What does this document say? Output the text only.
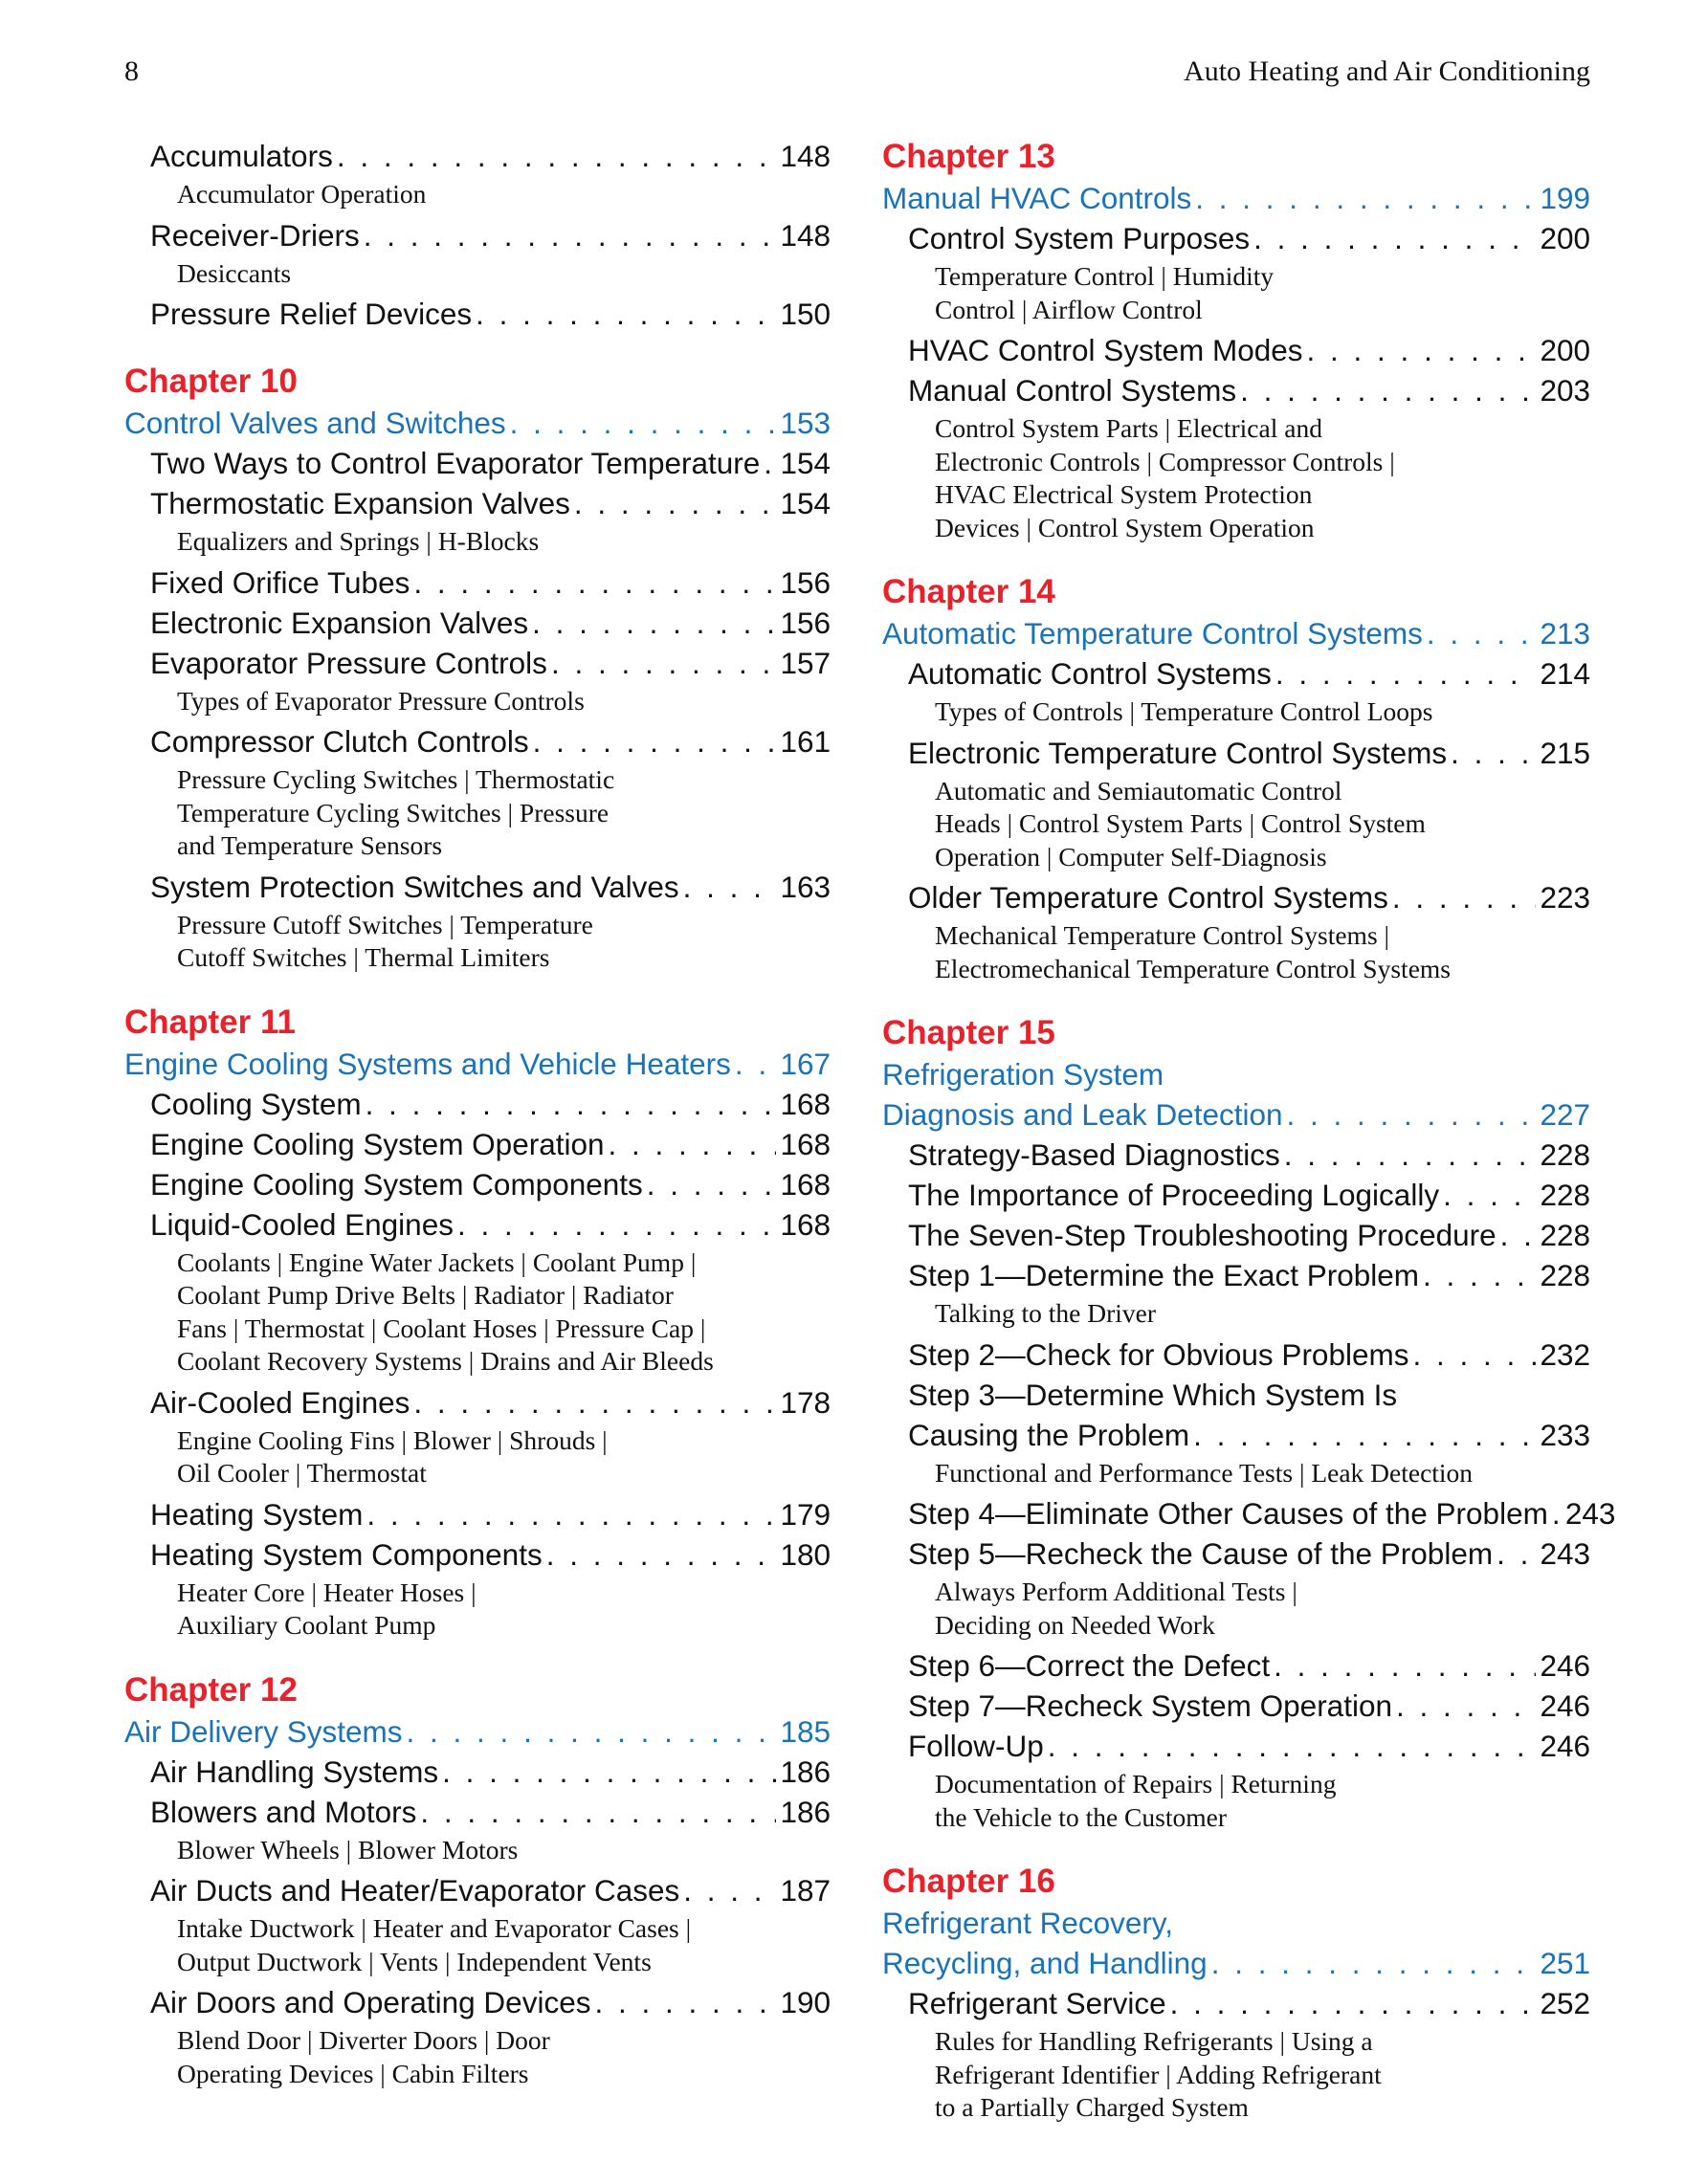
8	Auto Heating and Air Conditioning
Accumulators . . .	148
Accumulator Operation
Receiver-Driers . . .	148
Desiccants
Pressure Relief Devices . . .	150
Chapter 10
Control Valves and Switches . . .	153
Two Ways to Control Evaporator Temperature . . . 154
Thermostatic Expansion Valves . . .	154
Equalizers and Springs | H-Blocks
Fixed Orifice Tubes . . .	156
Electronic Expansion Valves . . .	156
Evaporator Pressure Controls . . .	157
Types of Evaporator Pressure Controls
Compressor Clutch Controls . . .	161
Pressure Cycling Switches | Thermostatic
Temperature Cycling Switches | Pressure
and Temperature Sensors
System Protection Switches and Valves . . .	163
Pressure Cutoff Switches | Temperature
Cutoff Switches | Thermal Limiters
Chapter 11
Engine Cooling Systems and Vehicle Heaters . . . 167
Cooling System . . .	168
Engine Cooling System Operation . . .	168
Engine Cooling System Components . . .	168
Liquid-Cooled Engines . . .	168
Coolants | Engine Water Jackets | Coolant Pump |
Coolant Pump Drive Belts | Radiator | Radiator
Fans | Thermostat | Coolant Hoses | Pressure Cap |
Coolant Recovery Systems | Drains and Air Bleeds
Air-Cooled Engines . . .	178
Engine Cooling Fins | Blower | Shrouds |
Oil Cooler | Thermostat
Heating System . . .	179
Heating System Components . . .	180
Heater Core | Heater Hoses |
Auxiliary Coolant Pump
Chapter 12
Air Delivery Systems . . .	185
Air Handling Systems . . .	186
Blowers and Motors . . .	186
Blower Wheels | Blower Motors
Air Ducts and Heater/Evaporator Cases . . .	187
Intake Ductwork | Heater and Evaporator Cases |
Output Ductwork | Vents | Independent Vents
Air Doors and Operating Devices . . .	190
Blend Door | Diverter Doors | Door
Operating Devices | Cabin Filters
Chapter 13
Manual HVAC Controls . . .	199
Control System Purposes . . .	200
Temperature Control | Humidity
Control | Airflow Control
HVAC Control System Modes . . .	200
Manual Control Systems . . .	203
Control System Parts | Electrical and
Electronic Controls | Compressor Controls |
HVAC Electrical System Protection
Devices | Control System Operation
Chapter 14
Automatic Temperature Control Systems . . .	213
Automatic Control Systems . . .	214
Types of Controls | Temperature Control Loops
Electronic Temperature Control Systems . . .	215
Automatic and Semiautomatic Control
Heads | Control System Parts | Control System
Operation | Computer Self-Diagnosis
Older Temperature Control Systems . . .	223
Mechanical Temperature Control Systems |
Electromechanical Temperature Control Systems
Chapter 15
Refrigeration System
Diagnosis and Leak Detection . . .	227
Strategy-Based Diagnostics . . .	228
The Importance of Proceeding Logically . . .	228
The Seven-Step Troubleshooting Procedure . . . 228
Step 1—Determine the Exact Problem . . .	228
Talking to the Driver
Step 2—Check for Obvious Problems . . .	232
Step 3—Determine Which System Is
Causing the Problem . . .	233
Functional and Performance Tests | Leak Detection
Step 4—Eliminate Other Causes of the Problem . . . 243
Step 5—Recheck the Cause of the Problem . . . 243
Always Perform Additional Tests |
Deciding on Needed Work
Step 6—Correct the Defect . . .	246
Step 7—Recheck System Operation . . .	246
Follow-Up . . .	246
Documentation of Repairs | Returning
the Vehicle to the Customer
Chapter 16
Refrigerant Recovery,
Recycling, and Handling . . .	251
Refrigerant Service . . .	252
Rules for Handling Refrigerants | Using a
Refrigerant Identifier | Adding Refrigerant
to a Partially Charged System
